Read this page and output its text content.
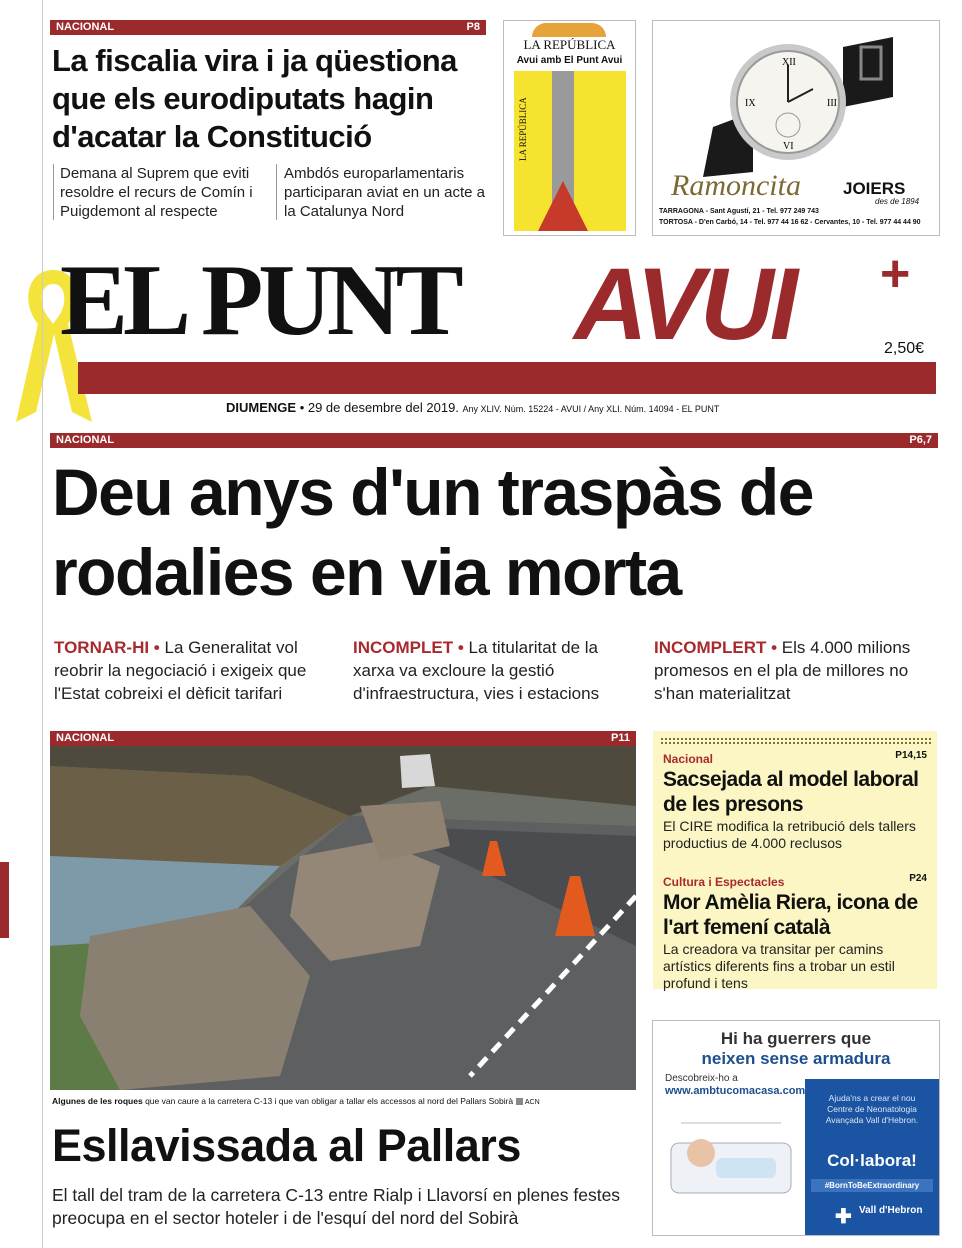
NACIONAL	P8
La fiscalia vira i ja qüestiona que els eurodiputats hagin d'acatar la Constitució
Demana al Suprem que eviti resoldre el recurs de Comín i Puigdemont al respecte
Ambdós europarlamentaris participaran aviat en un acte a la Catalunya Nord
LA REPÚBLICA
Avui amb El Punt Avui
LA REPÚBLICA
XII
III
VI
IX
Ramoncita JOIERS
des de 1894
TARRAGONA - Sant Agustí, 21 - Tel. 977 249 743
TORTOSA - D'en Carbó, 14 - Tel. 977 44 16 62 - Cervantes, 10 - Tel. 977 44 44 90
EL PUNT AVUI +
2,50€
DIUMENGE • 29 de desembre del 2019. Any XLIV. Núm. 15224 - AVUI / Any XLI. Núm. 14094 - EL PUNT
NACIONAL	P6,7
Deu anys d'un traspàs de rodalies en via morta
TORNAR-HI • La Generalitat vol reobrir la negociació i exigeix que l'Estat cobreixi el dèficit tarifari
INCOMPLET • La titularitat de la xarxa va excloure la gestió d'infraestructura, vies i estacions
INCOMPLERT • Els 4.000 milions promesos en el pla de millores no s'han materialitzat
NACIONAL	P11
Algunes de les roques que van caure a la carretera C-13 i que van obligar a tallar els accessos al nord del Pallars Sobirà ACN
Esllavissada al Pallars
El tall del tram de la carretera C-13 entre Rialp i Llavorsí en plenes festes preocupa en el sector hoteler i de l'esquí del nord del Sobirà
Nacional	P14,15
Sacsejada al model laboral de les presons
El CIRE modifica la retribució dels tallers productius de 4.000 reclusos
Cultura i Espectacles	P24
Mor Amèlia Riera, icona de l'art femení català
La creadora va transitar per camins artístics diferents fins a trobar un estil profund i tens
Hi ha guerrers que
neixen sense armadura
Descobreix-ho a
www.ambtucomacasa.com
Ajuda'ns a crear el nou Centre de Neonatologia Avançada Vall d'Hebron.
Col·labora!
#BornToBeExtraordinary
✚ Vall d'Hebron
